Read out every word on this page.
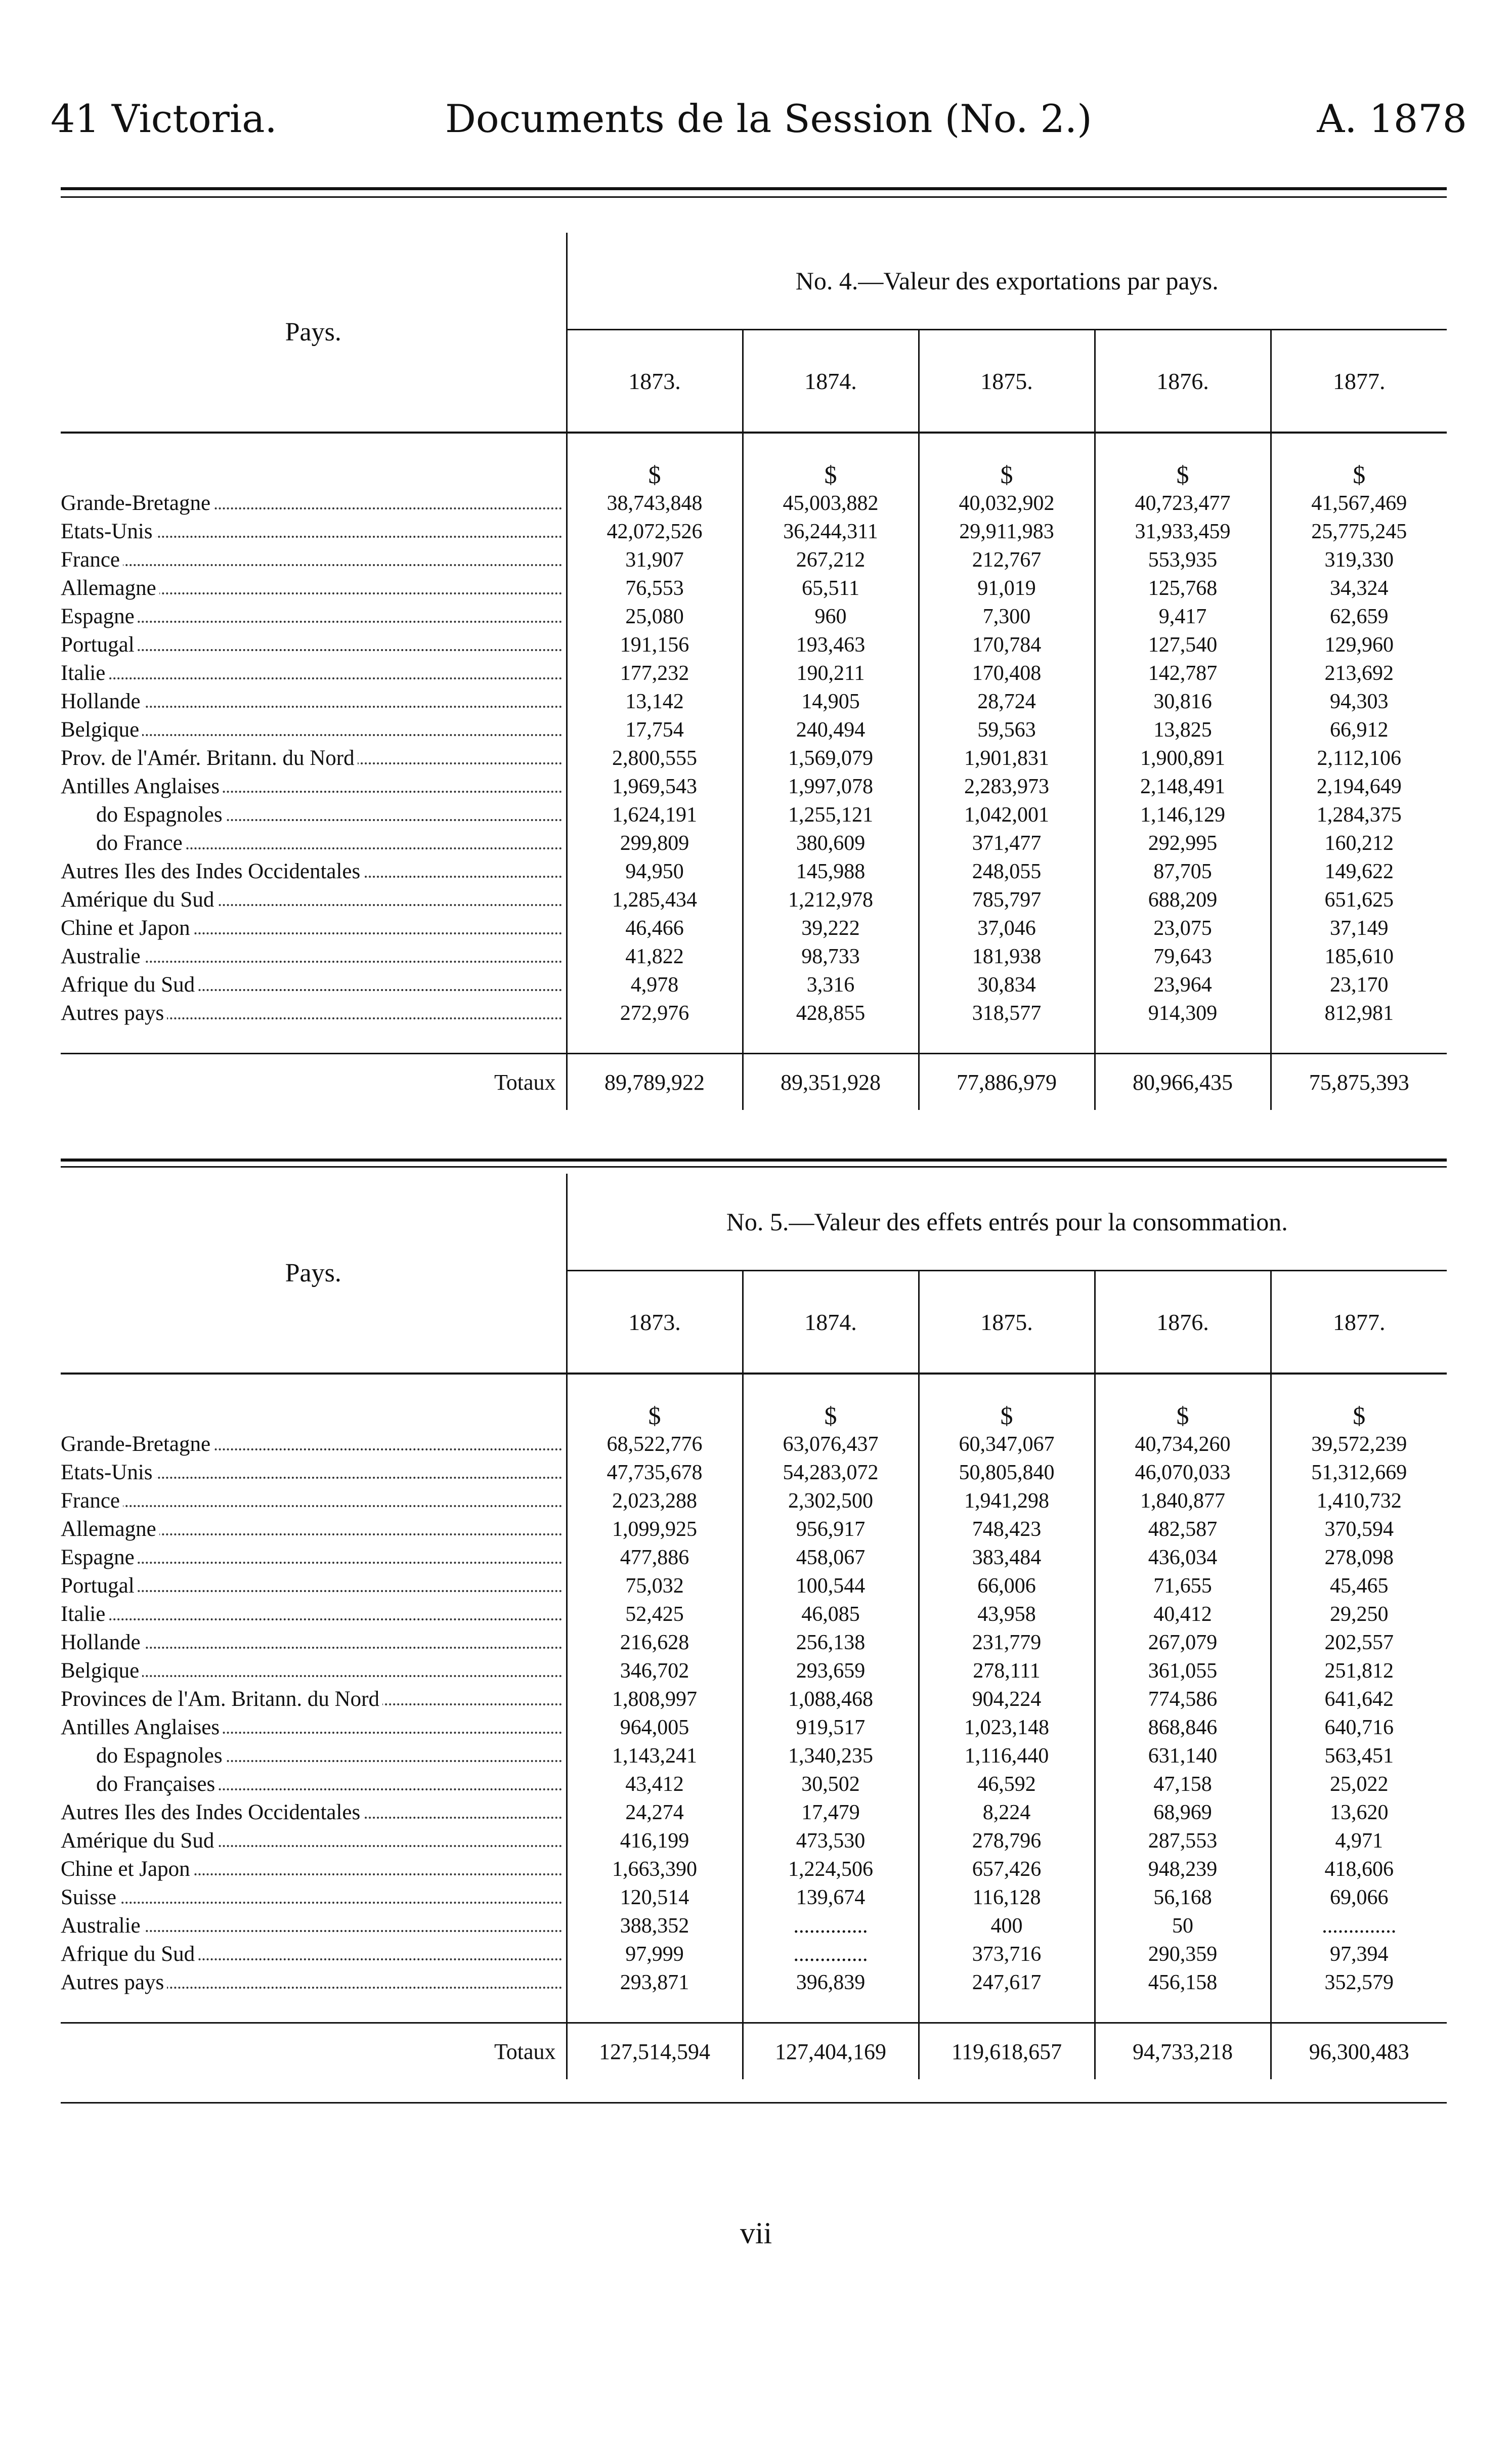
41 Victoria.	Documents de la Session (No. 2.)	A. 1878
Pays.	No. 4.—Valeur des exportations par pays.				
	1873.	1874.	1875.	1876.	1877.
	$	$	$	$	$
Grande-Bretagne	38,743,848	45,003,882	40,032,902	40,723,477	41,567,469
Etats-Unis	42,072,526	36,244,311	29,911,983	31,933,459	25,775,245
France	31,907	267,212	212,767	553,935	319,330
Allemagne	76,553	65,511	91,019	125,768	34,324
Espagne	25,080	960	7,300	9,417	62,659
Portugal	191,156	193,463	170,784	127,540	129,960
Italie	177,232	190,211	170,408	142,787	213,692
Hollande	13,142	14,905	28,724	30,816	94,303
Belgique	17,754	240,494	59,563	13,825	66,912
Prov. de l'Amér. Britann. du Nord	2,800,555	1,569,079	1,901,831	1,900,891	2,112,106
Antilles Anglaises	1,969,543	1,997,078	2,283,973	2,148,491	2,194,649
do Espagnoles	1,624,191	1,255,121	1,042,001	1,146,129	1,284,375
do France	299,809	380,609	371,477	292,995	160,212
Autres Iles des Indes Occidentales	94,950	145,988	248,055	87,705	149,622
Amérique du Sud	1,285,434	1,212,978	785,797	688,209	651,625
Chine et Japon	46,466	39,222	37,046	23,075	37,149
Australie	41,822	98,733	181,938	79,643	185,610
Afrique du Sud	4,978	3,316	30,834	23,964	23,170
Autres pays	272,976	428,855	318,577	914,309	812,981

Totaux	89,789,922	89,351,928	77,886,979	80,966,435	75,875,393
Pays.	No. 5.—Valeur des effets entrés pour la consommation.				
	1873.	1874.	1875.	1876.	1877.
	$	$	$	$	$
Grande-Bretagne	68,522,776	63,076,437	60,347,067	40,734,260	39,572,239
Etats-Unis	47,735,678	54,283,072	50,805,840	46,070,033	51,312,669
France	2,023,288	2,302,500	1,941,298	1,840,877	1,410,732
Allemagne	1,099,925	956,917	748,423	482,587	370,594
Espagne	477,886	458,067	383,484	436,034	278,098
Portugal	75,032	100,544	66,006	71,655	45,465
Italie	52,425	46,085	43,958	40,412	29,250
Hollande	216,628	256,138	231,779	267,079	202,557
Belgique	346,702	293,659	278,111	361,055	251,812
Provinces de l'Am. Britann. du Nord	1,808,997	1,088,468	904,224	774,586	641,642
Antilles Anglaises	964,005	919,517	1,023,148	868,846	640,716
do Espagnoles	1,143,241	1,340,235	1,116,440	631,140	563,451
do Françaises	43,412	30,502	46,592	47,158	25,022
Autres Iles des Indes Occidentales	24,274	17,479	8,224	68,969	13,620
Amérique du Sud	416,199	473,530	278,796	287,553	4,971
Chine et Japon	1,663,390	1,224,506	657,426	948,239	418,606
Suisse	120,514	139,674	116,128	56,168	69,066
Australie	388,352	..............	400	50	..............
Afrique du Sud	97,999	..............	373,716	290,359	97,394
Autres pays	293,871	396,839	247,617	456,158	352,579

Totaux	127,514,594	127,404,169	119,618,657	94,733,218	96,300,483
vii
